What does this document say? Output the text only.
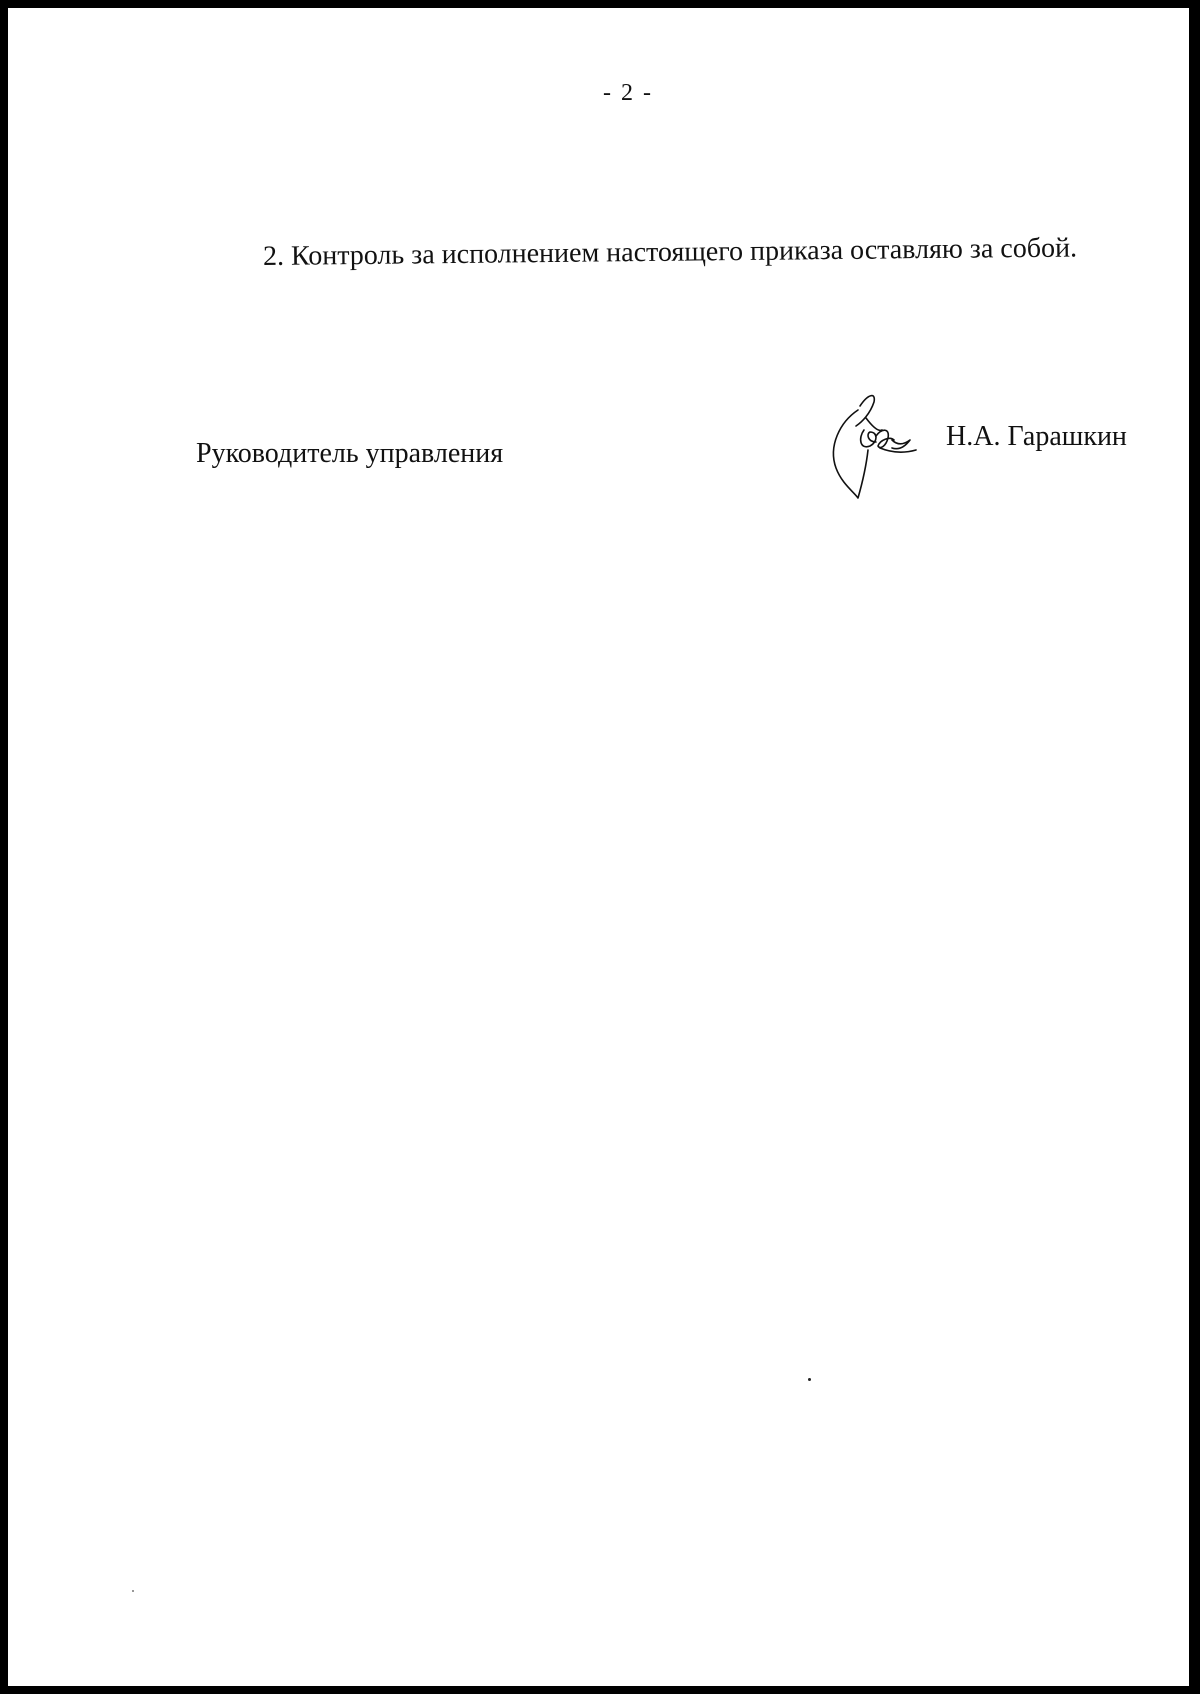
- 2 -
2. Контроль за исполнением настоящего приказа оставляю за собой.
Руководитель управления
Н.А. Гарашкин
